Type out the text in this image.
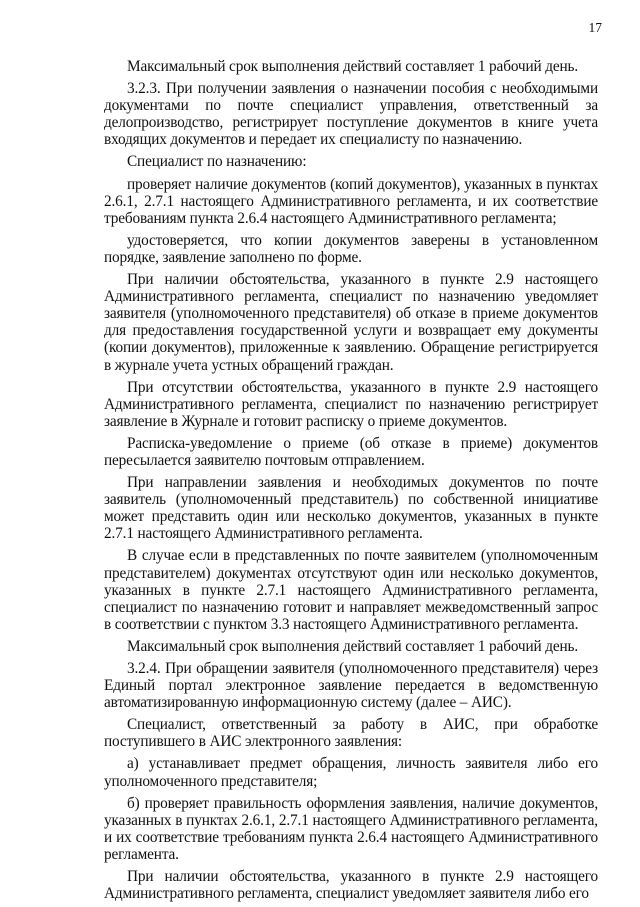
17

Максимальный срок выполнения действий составляет 1 рабочий день.

3.2.3. При получении заявления о назначении пособия с необходимыми документами по почте специалист управления, ответственный за делопроизводство, регистрирует поступление документов в книге учета входящих документов и передает их специалисту по назначению.

Специалист по назначению:

проверяет наличие документов (копий документов), указанных в пунктах 2.6.1, 2.7.1 настоящего Административного регламента, и их соответствие требованиям пункта 2.6.4 настоящего Административного регламента;

удостоверяется, что копии документов заверены в установленном порядке, заявление заполнено по форме.

При наличии обстоятельства, указанного в пункте 2.9 настоящего Административного регламента, специалист по назначению уведомляет заявителя (уполномоченного представителя) об отказе в приеме документов для предоставления государственной услуги и возвращает ему документы (копии документов), приложенные к заявлению. Обращение регистрируется в журнале учета устных обращений граждан.

При отсутствии обстоятельства, указанного в пункте 2.9 настоящего Административного регламента, специалист по назначению регистрирует заявление в Журнале и готовит расписку о приеме документов.

Расписка-уведомление о приеме (об отказе в приеме) документов пересылается заявителю почтовым отправлением.

При направлении заявления и необходимых документов по почте заявитель (уполномоченный представитель) по собственной инициативе может представить один или несколько документов, указанных в пункте 2.7.1 настоящего Административного регламента.

В случае если в представленных по почте заявителем (уполномоченным представителем) документах отсутствуют один или несколько документов, указанных в пункте 2.7.1 настоящего Административного регламента, специалист по назначению готовит и направляет межведомственный запрос в соответствии с пунктом 3.3 настоящего Административного регламента.

Максимальный срок выполнения действий составляет 1 рабочий день.

3.2.4. При обращении заявителя (уполномоченного представителя) через Единый портал электронное заявление передается в ведомственную автоматизированную информационную систему (далее – АИС).

Специалист, ответственный за работу в АИС, при обработке поступившего в АИС электронного заявления:

а) устанавливает предмет обращения, личность заявителя либо его уполномоченного представителя;

б) проверяет правильность оформления заявления, наличие документов, указанных в пунктах 2.6.1, 2.7.1 настоящего Административного регламента, и их соответствие требованиям пункта 2.6.4 настоящего Административного регламента.

При наличии обстоятельства, указанного в пункте 2.9 настоящего Административного регламента, специалист уведомляет заявителя либо его
